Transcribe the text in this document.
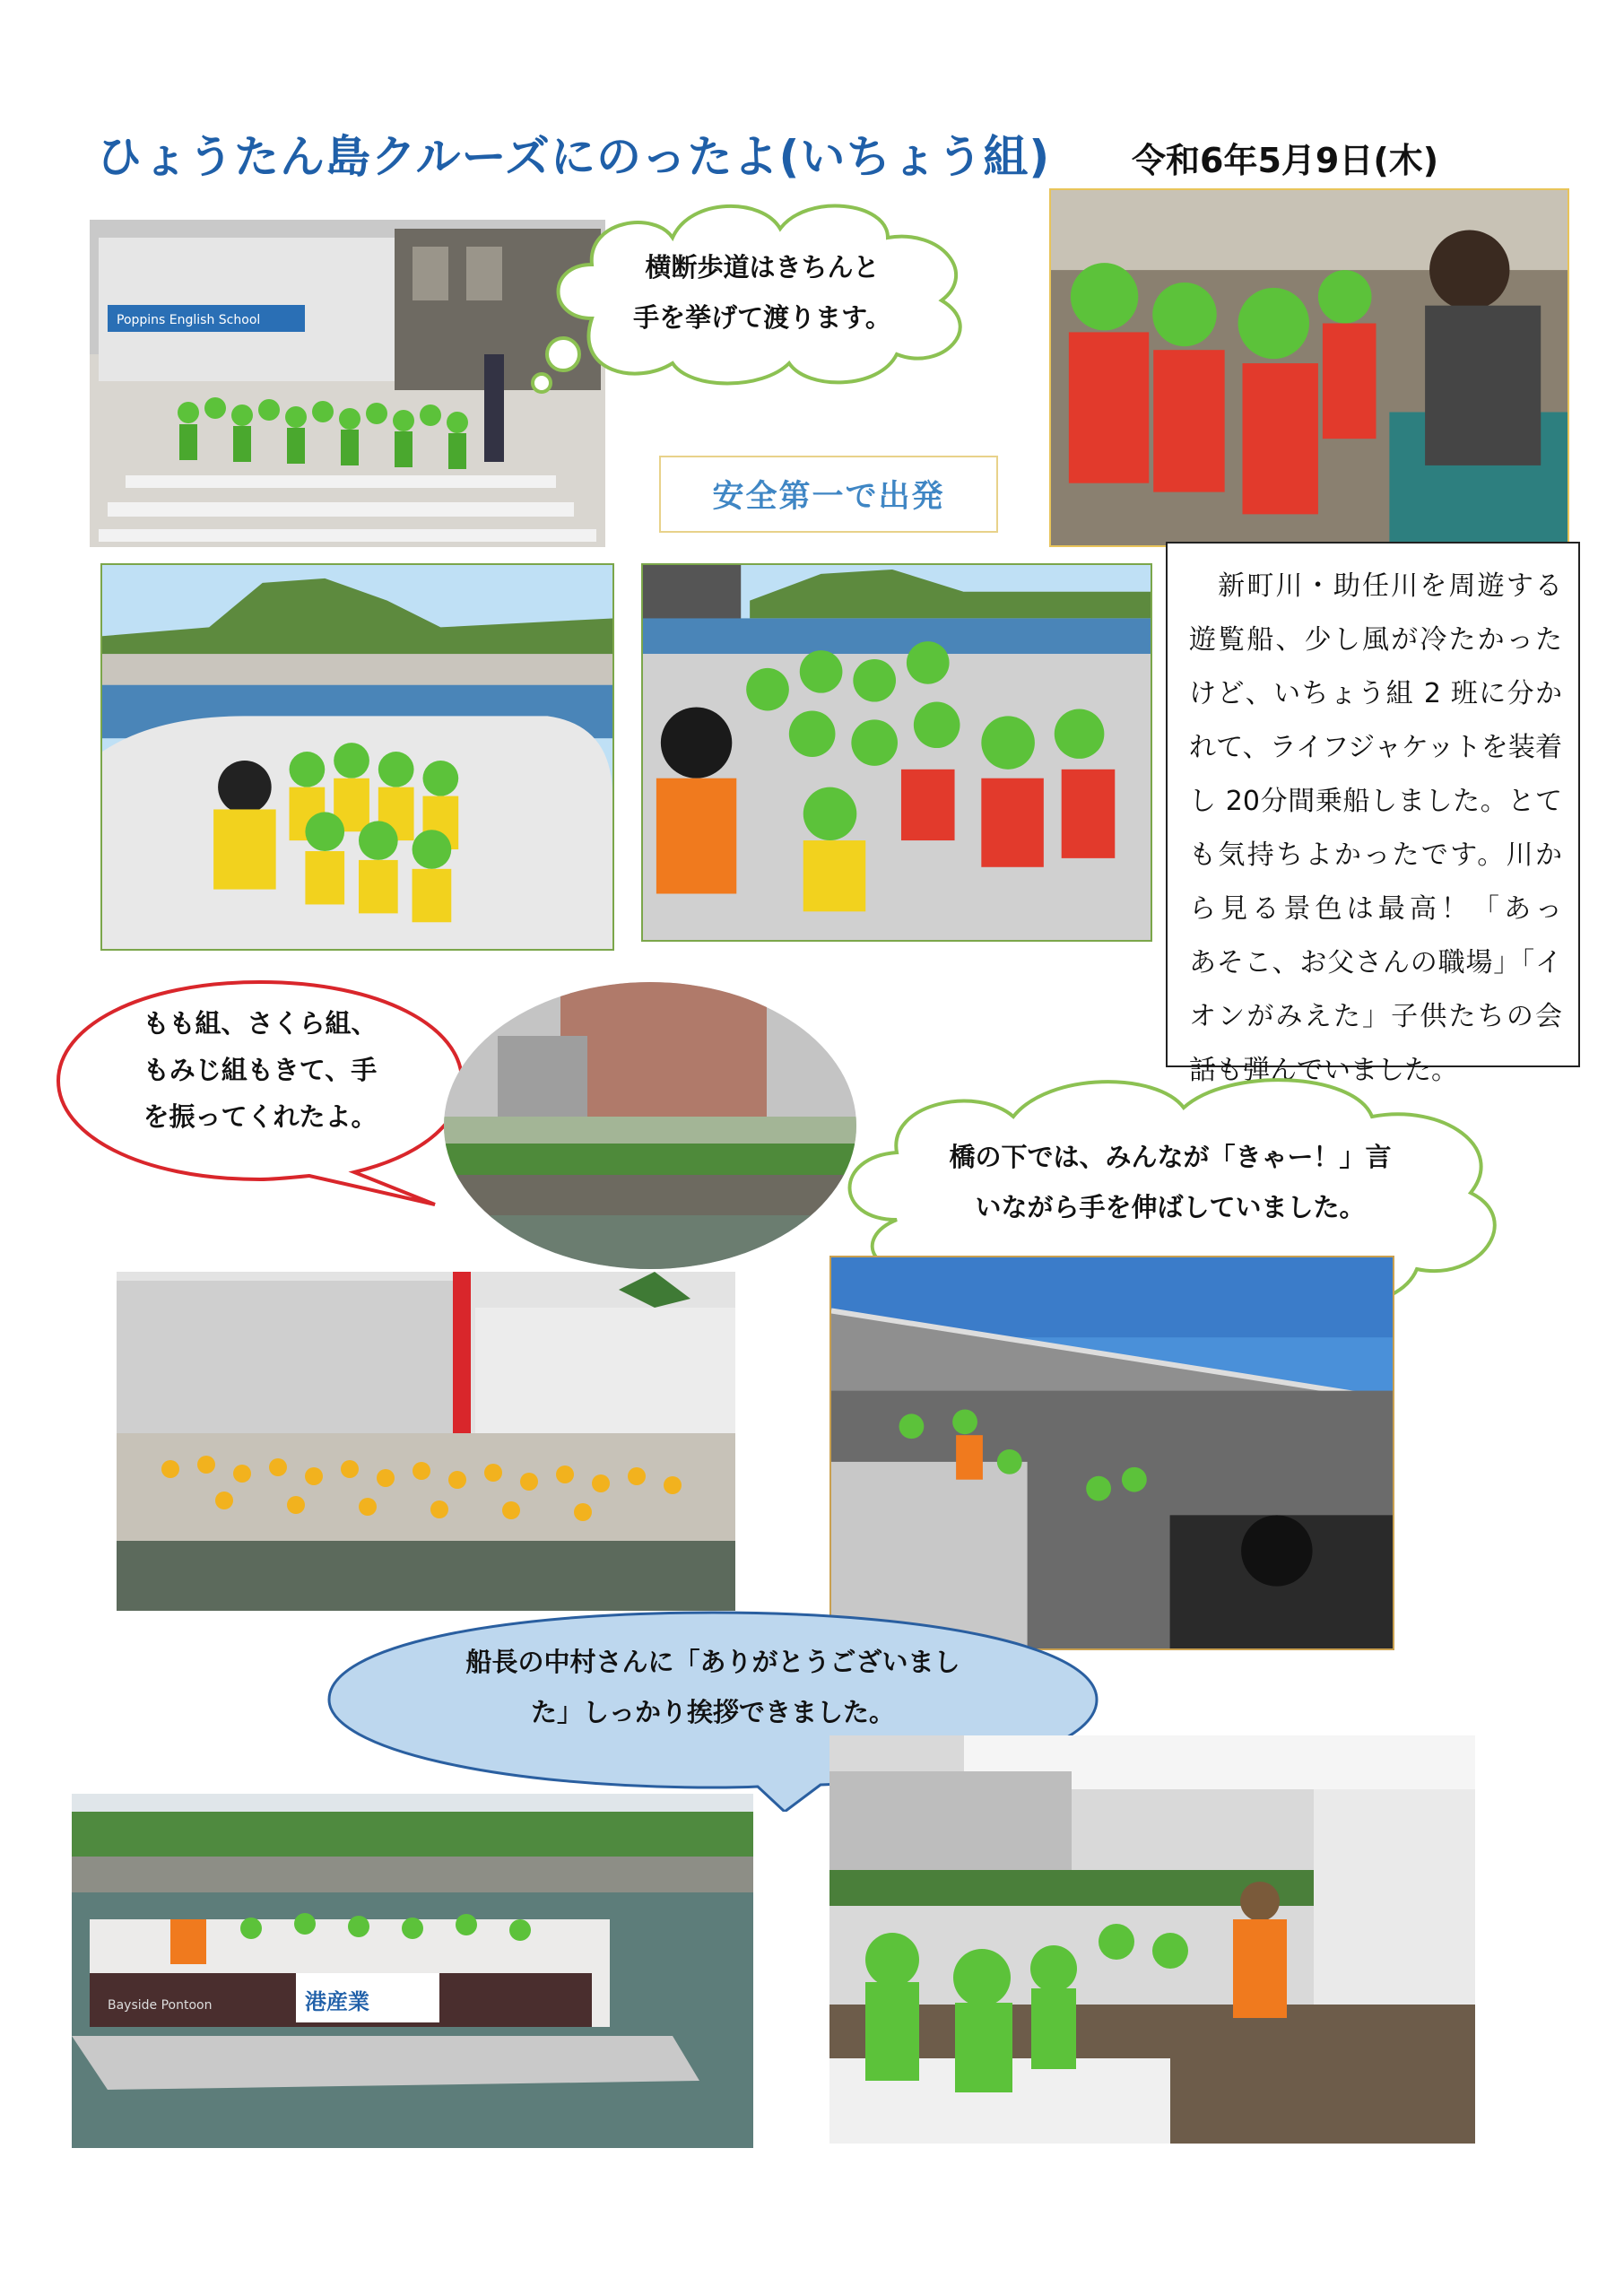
ひょうたん島クルーズにのったよ(いちょう組) 令和6年5月9日(木)
Poppins English School
横断歩道はきちんと
手を挙げて渡ります。
安全第一で出発
　新町川・助任川を周遊する遊覧船、少し風が冷たかったけど、いちょう組 2 班に分かれて、ライフジャケットを装着し 20分間乗船しました。とても気持ちよかったです。川から見る景色は最高！「あっ　あそこ、お父さんの職場」「イオンがみえた」子供たちの会話も弾んでいました。
もも組、さくら組、
もみじ組もきて、手
を振ってくれたよ。
橋の下では、みんなが「きゃー！」言
いながら手を伸ばしていました。
船長の中村さんに「ありがとうございまし
た」しっかり挨拶できました。
港産業
Bayside Pontoon
